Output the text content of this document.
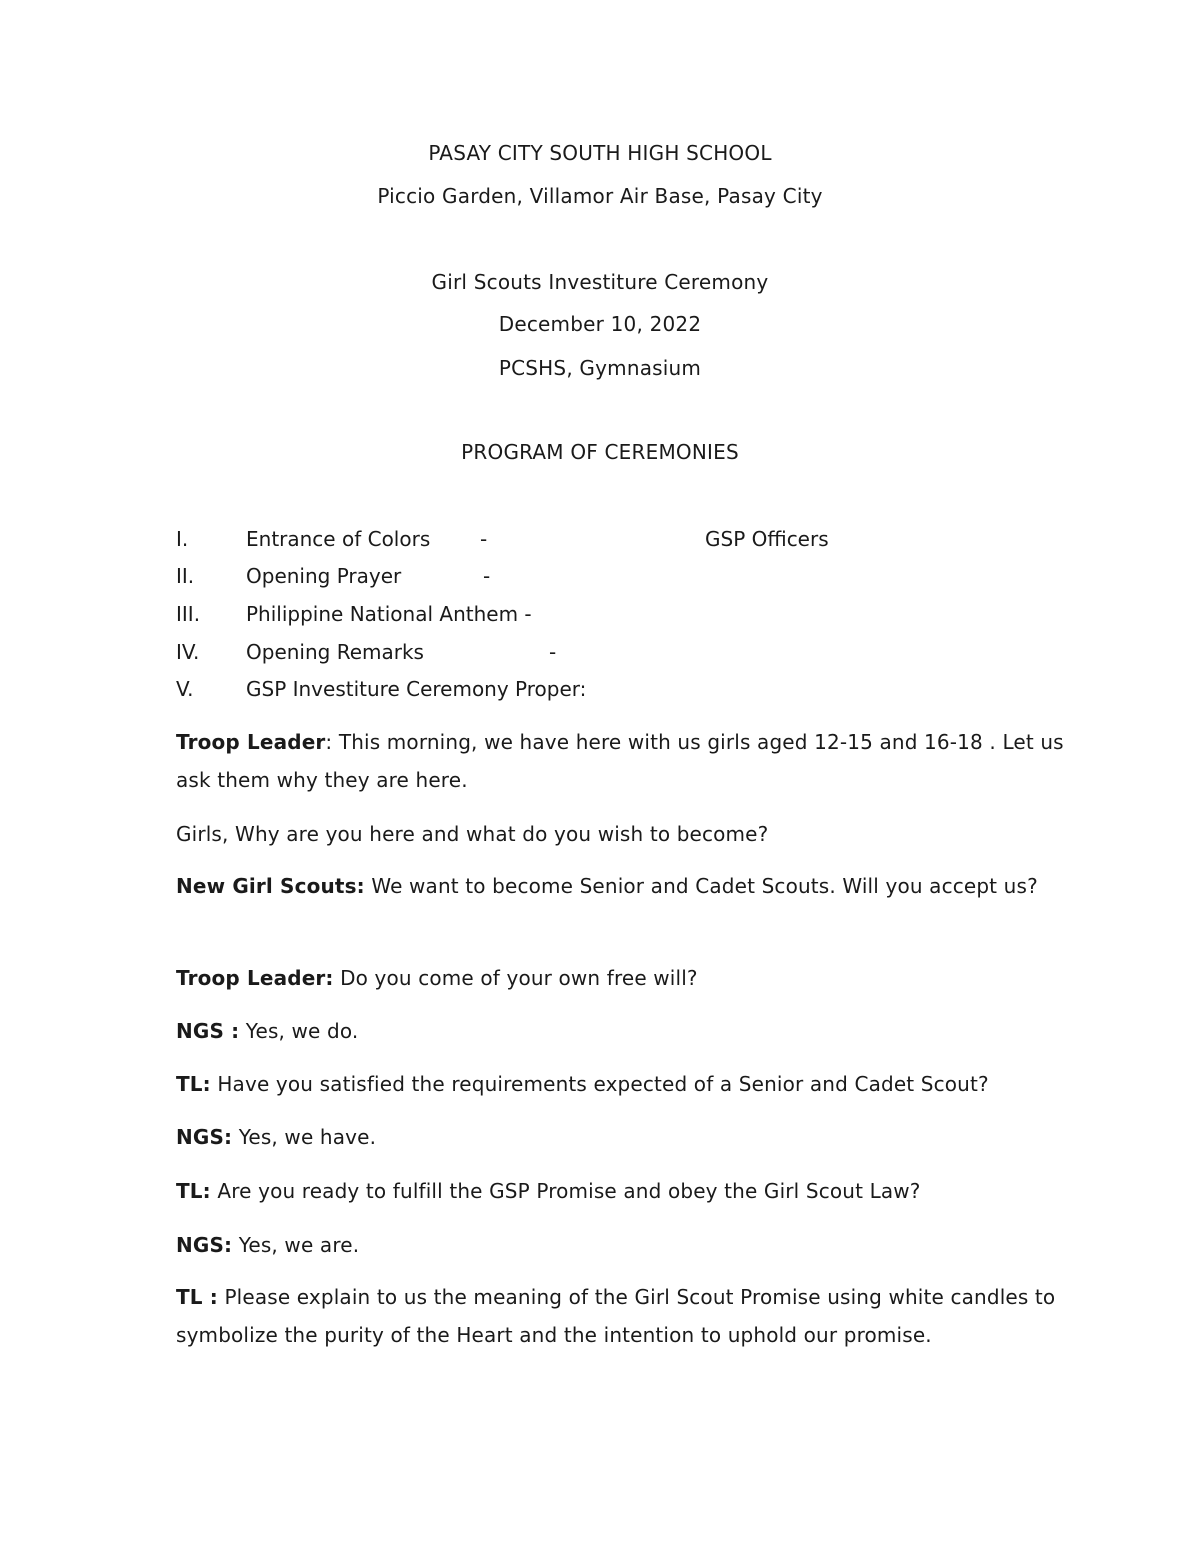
PASAY CITY SOUTH HIGH SCHOOL
Piccio Garden, Villamor Air Base, Pasay City
Girl Scouts Investiture Ceremony
December 10, 2022
PCSHS, Gymnasium
PROGRAM OF CEREMONIES
I.	Entrance of Colors -	GSP Officers
II.	Opening Prayer	-
III. Philippine National Anthem -
IV. Opening Remarks	-
V.	GSP Investiture Ceremony Proper:
Troop Leader: This morning, we have here with us girls aged 12-15 and 16-18 . Let us ask them why they are here.
Girls, Why are you here and what do you wish to become?
New Girl Scouts: We want to become Senior and Cadet Scouts. Will you accept us?
Troop Leader: Do you come of your own free will?
NGS : Yes, we do.
TL: Have you satisfied the requirements expected of a Senior and Cadet Scout?
NGS: Yes, we have.
TL: Are you ready to fulfill the GSP Promise and obey the Girl Scout Law?
NGS: Yes, we are.
TL : Please explain to us the meaning of the Girl Scout Promise using white candles to symbolize the purity of the Heart and the intention to uphold our promise.
